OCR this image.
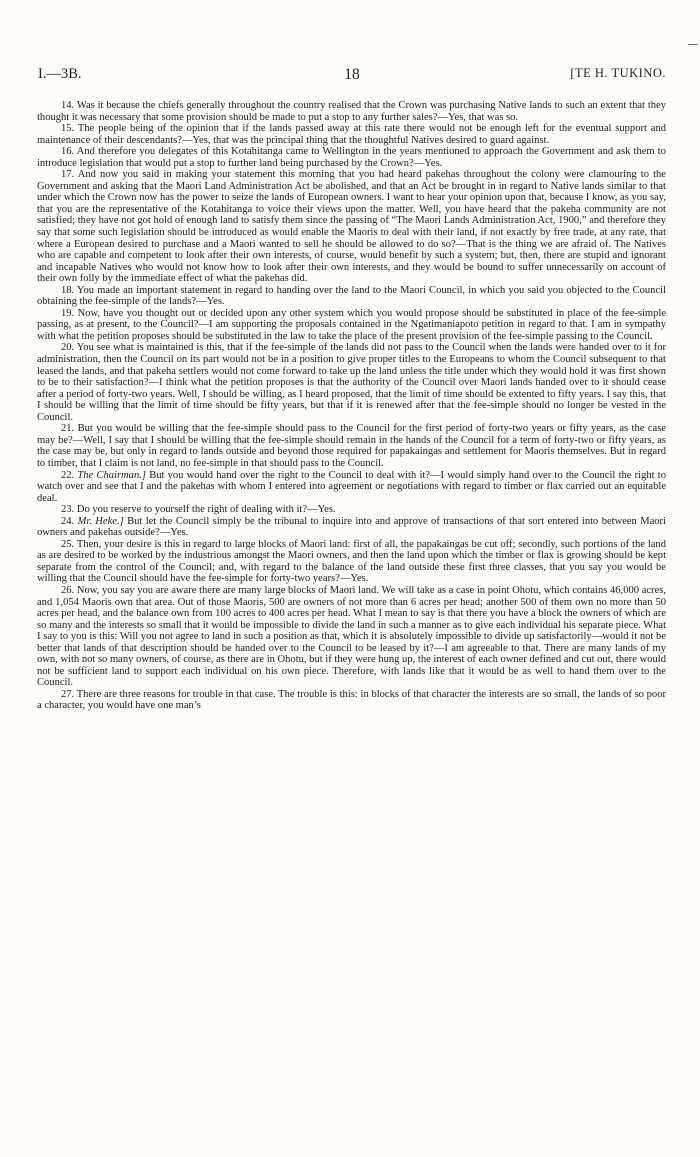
I.—3B.	18	[TE H. TUKINO.

14. Was it because the chiefs generally throughout the country realised that the Crown was purchasing Native lands to such an extent that they thought it was necessary that some provision should be made to put a stop to any further sales?—Yes, that was so.

15. The people being of the opinion that if the lands passed away at this rate there would not be enough left for the eventual support and maintenance of their descendants?—Yes, that was the principal thing that the thoughtful Natives desired to guard against.

16. And therefore you delegates of this Kotahitanga came to Wellington in the years mentioned to approach the Government and ask them to introduce legislation that would put a stop to further land being purchased by the Crown?—Yes.

17. And now you said in making your statement this morning that you had heard pakehas throughout the colony were clamouring to the Government and asking that the Maori Land Administration Act be abolished, and that an Act be brought in in regard to Native lands similar to that under which the Crown now has the power to seize the lands of European owners. I want to hear your opinion upon that, because I know, as you say, that you are the representative of the Kotahitanga to voice their views upon the matter. Well, you have heard that the pakeha community are not satisfied; they have not got hold of enough land to satisfy them since the passing of “The Maori Lands Administration Act, 1900,” and therefore they say that some such legislation should be introduced as would enable the Maoris to deal with their land, if not exactly by free trade, at any rate, that where a European desired to purchase and a Maori wanted to sell he should be allowed to do so?—That is the thing we are afraid of. The Natives who are capable and competent to look after their own interests, of course, would benefit by such a system; but, then, there are stupid and ignorant and incapable Natives who would not know how to look after their own interests, and they would be bound to suffer unnecessarily on account of their own folly by the immediate effect of what the pakehas did.

18. You made an important statement in regard to handing over the land to the Maori Council, in which you said you objected to the Council obtaining the fee-simple of the lands?—Yes.

19. Now, have you thought out or decided upon any other system which you would propose should be substituted in place of the fee-simple passing, as at present, to the Council?—I am supporting the proposals contained in the Ngatimaniapoto petition in regard to that. I am in sympathy with what the petition proposes should be substituted in the law to take the place of the present provision of the fee-simple passing to the Council.

20. You see what is maintained is this, that if the fee-simple of the lands did not pass to the Council when the lands were handed over to it for administration, then the Council on its part would not be in a position to give proper titles to the Europeans to whom the Council subsequent to that leased the lands, and that pakeha settlers would not come forward to take up the land unless the title under which they would hold it was first shown to be to their satisfaction?—I think what the petition proposes is that the authority of the Council over Maori lands handed over to it should cease after a period of forty-two years. Well, I should be willing, as I heard proposed, that the limit of time should be extented to fifty years. I say this, that I should be willing that the limit of time should be fifty years, but that if it is renewed after that the fee-simple should no longer be vested in the Council.

21. But you would be willing that the fee-simple should pass to the Council for the first period of forty-two years or fifty years, as the case may be?—Well, I say that I should be willing that the fee-simple should remain in the hands of the Council for a term of forty-two or fifty years, as the case may be, but only in regard to lands outside and beyond those required for papakaingas and settlement for Maoris themselves. But in regard to timber, that I claim is not land, no fee-simple in that should pass to the Council.

22. The Chairman.] But you would hand over the right to the Council to deal with it?—I would simply hand over to the Council the right to watch over and see that I and the pakehas with whom I entered into agreement or negotiations with regard to timber or flax carried out an equitable deal.

23. Do you reserve to yourself the right of dealing with it?—Yes.

24. Mr. Heke.] But let the Council simply be the tribunal to inquire into and approve of transactions of that sort entered into between Maori owners and pakehas outside?—Yes.

25. Then, your desire is this in regard to large blocks of Maori land: first of all, the papakaingas be cut off; secondly, such portions of the land as are desired to be worked by the industrious amongst the Maori owners, and then the land upon which the timber or flax is growing should be kept separate from the control of the Council; and, with regard to the balance of the land outside these first three classes, that you say you would be willing that the Council should have the fee-simple for forty-two years?—Yes.

26. Now, you say you are aware there are many large blocks of Maori land. We will take as a case in point Ohotu, which contains 46,000 acres, and 1,054 Maoris own that area. Out of those Maoris, 500 are owners of not more than 6 acres per head; another 500 of them own no more than 50 acres per head, and the balance own from 100 acres to 400 acres per head. What I mean to say is that there you have a block the owners of which are so many and the interests so small that it would be impossible to divide the land in such a manner as to give each individual his separate piece. What I say to you is this: Will you not agree to land in such a position as that, which it is absolutely impossible to divide up satisfactorily—would it not be better that lands of that description should be handed over to the Council to be leased by it?—I am agreeable to that. There are many lands of my own, with not so many owners, of course, as there are in Ohotu, but if they were hung up, the interest of each owner defined and cut out, there would not be sufficient land to support each individual on his own piece. Therefore, with lands like that it would be as well to hand them over to the Council.

27. There are three reasons for trouble in that case. The trouble is this: in blocks of that character the interests are so small, the lands of so poor a character, you would have one man’s
